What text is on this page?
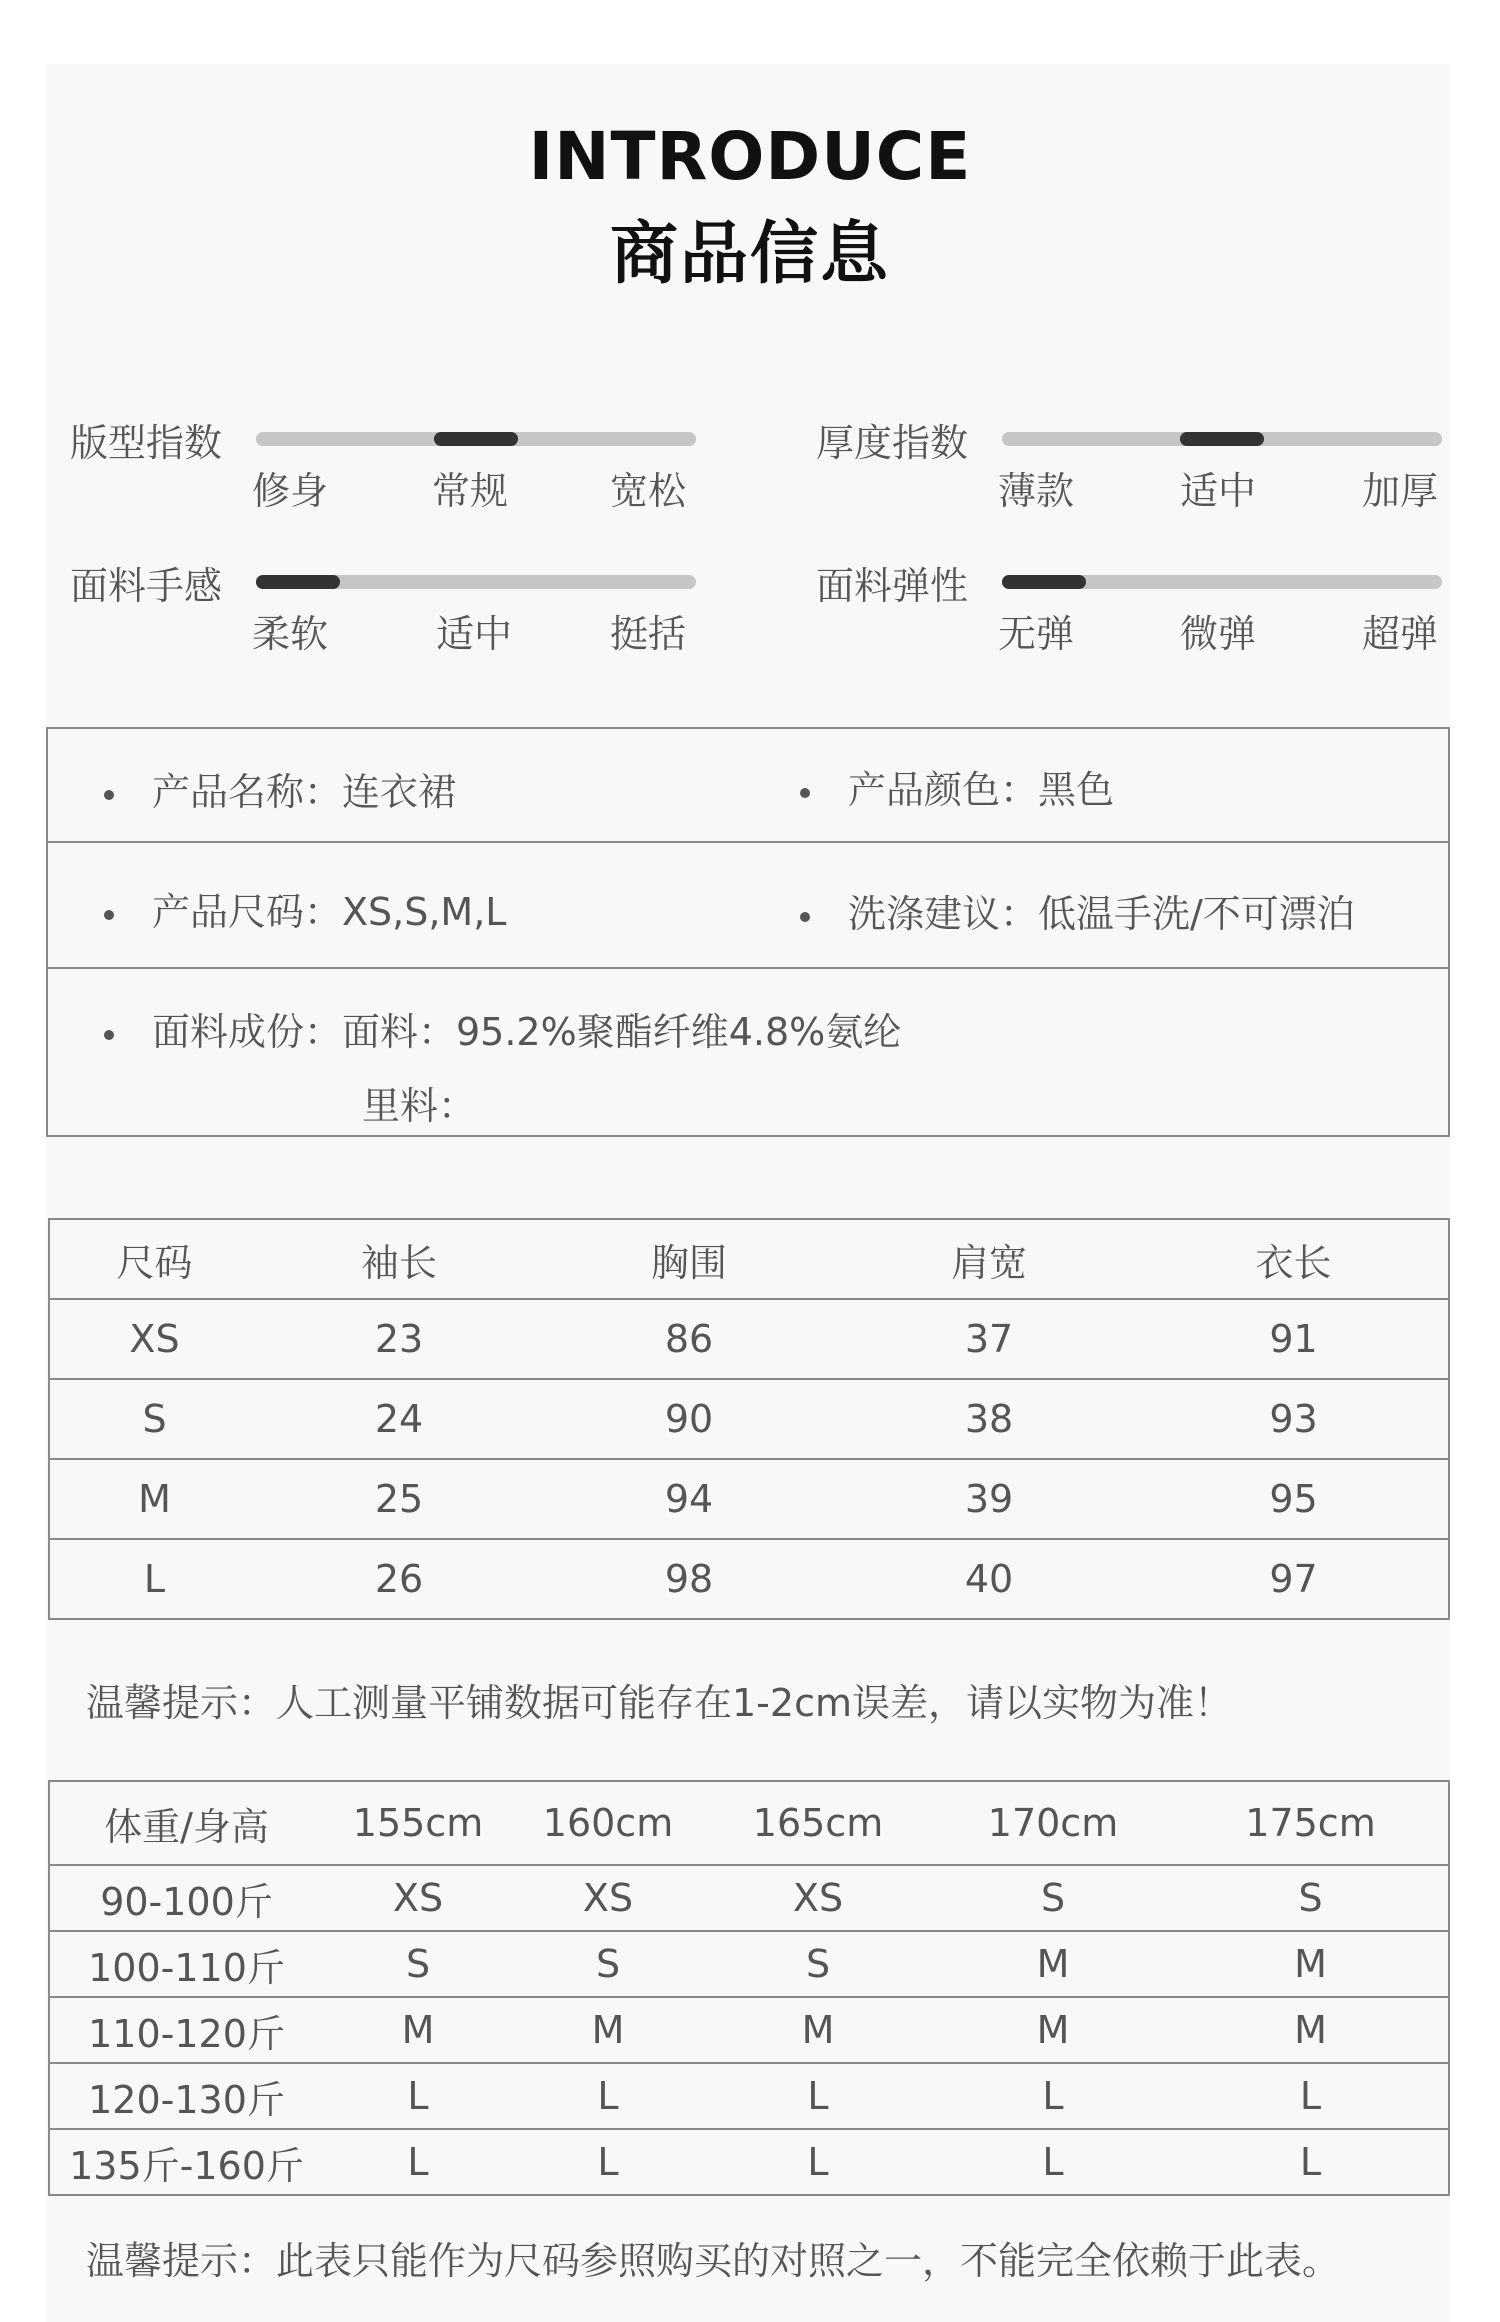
INTRODUCE
商品信息
版型指数
修身	常规	宽松
厚度指数
薄款	适中	加厚
面料手感
柔软	适中	挺括
面料弹性
无弹	微弹	超弹
产品名称：连衣裙	产品颜色：黑色
产品尺码：XS,S,M,L	洗涤建议：低温手洗/不可漂泊
面料成份：面料：95.2%聚酯纤维4.8%氨纶
里料：
尺码	袖长	胸围	肩宽	衣长
XS	23	86	37	91
S	24	90	38	93
M	25	94	39	95
L	26	98	40	97
温馨提示：人工测量平铺数据可能存在1-2cm误差，请以实物为准！
体重/身高	155cm	160cm	165cm	170cm	175cm
90-100斤	XS	XS	XS	S	S
100-110斤	S	S	S	M	M
110-120斤	M	M	M	M	M
120-130斤	L	L	L	L	L
135斤-160斤	L	L	L	L	L
温馨提示：此表只能作为尺码参照购买的对照之一，不能完全依赖于此表。
